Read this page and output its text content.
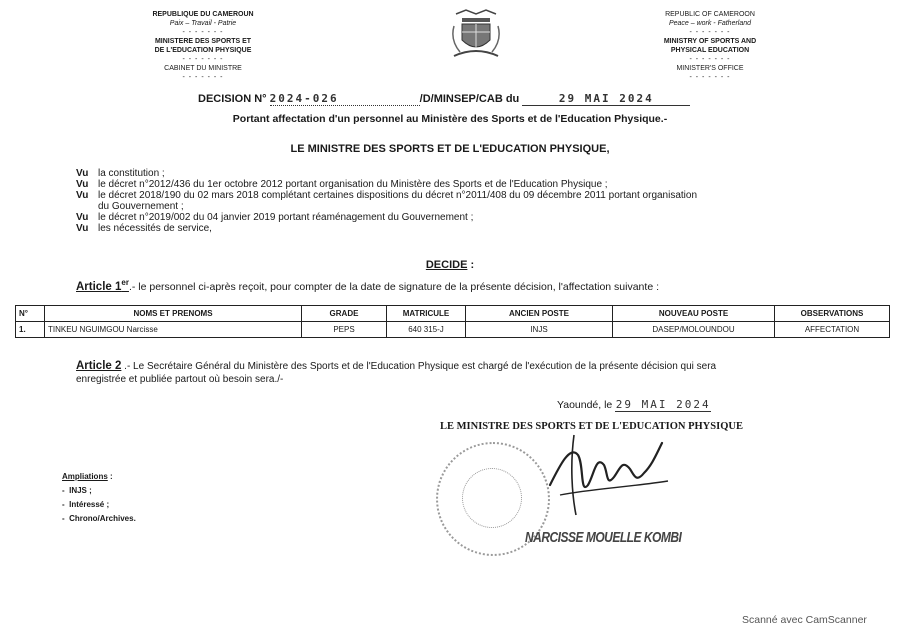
REPUBLIQUE DU CAMEROUN
Paix – Travail - Patrie
- - - - - - -
MINISTERE DES SPORTS ET
DE L'EDUCATION PHYSIQUE
- - - - - - -
CABINET DU MINISTRE
- - - - - - -
REPUBLIC OF CAMEROON
Peace – work - Fatherland
- - - - - - -
MINISTRY OF SPORTS AND
PHYSICAL EDUCATION
- - - - - - -
MINISTER'S OFFICE
- - - - - - -
DECISION N° 2024-026	/D/MINSEP/CAB du	29 MAI 2024
Portant affectation d'un personnel au Ministère des Sports et de l'Education Physique.-
LE MINISTRE DES SPORTS ET DE L'EDUCATION PHYSIQUE,
Vu la constitution ;
Vu le décret n°2012/436 du 1er octobre 2012 portant organisation du Ministère des Sports et de l'Education Physique ;
Vu le décret 2018/190 du 02 mars 2018 complétant certaines dispositions du décret n°2011/408 du 09 décembre 2011 portant organisation
du Gouvernement ;
Vu le décret n°2019/002 du 04 janvier 2019 portant réaménagement du Gouvernement ;
Vu les nécessités de service,
DECIDE :
Article 1er.- le personnel ci-après reçoit, pour compter de la date de signature de la présente décision, l'affectation suivante :
N°	NOMS ET PRENOMS	GRADE	MATRICULE	ANCIEN POSTE	NOUVEAU POSTE	OBSERVATIONS
1.	TINKEU NGUIMGOU Narcisse	PEPS	640 315-J	INJS	DASEP/MOLOUNDOU	AFFECTATION
Article 2 .- Le Secrétaire Général du Ministère des Sports et de l'Education Physique est chargé de l'exécution de la présente décision qui sera
enregistrée et publiée partout où besoin sera./-
Yaoundé, le 29 MAI 2024
LE MINISTRE DES SPORTS ET DE L'EDUCATION PHYSIQUE
NARCISSE MOUELLE KOMBI
Ampliations :
-  INJS ;
-  Intéressé ;
-  Chrono/Archives.
Scanné avec CamScanner
